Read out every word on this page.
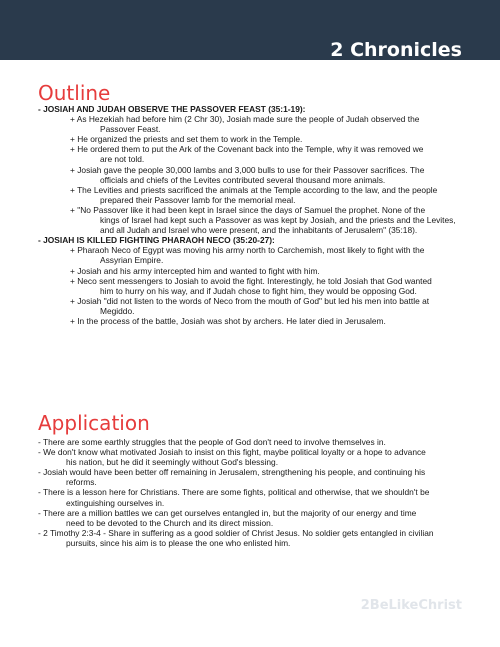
2 Chronicles
Outline

- JOSIAH AND JUDAH OBSERVE THE PASSOVER FEAST (35:1-19):

+ As Hezekiah had before him (2 Chr 30), Josiah made sure the people of Judah observed the
Passover Feast.

+ He organized the priests and set them to work in the Temple.

+ He ordered them to put the Ark of the Covenant back into the Temple, why it was removed we
are not told.

+ Josiah gave the people 30,000 lambs and 3,000 bulls to use for their Passover sacrifices. The
officials and chiefs of the Levites contributed several thousand more animals.

+ The Levities and priests sacrificed the animals at the Temple according to the law, and the people
prepared their Passover lamb for the memorial meal.

+ "No Passover like it had been kept in Israel since the days of Samuel the prophet. None of the
kings of Israel had kept such a Passover as was kept by Josiah, and the priests and the Levites, and all Judah and Israel who were present, and the inhabitants of Jerusalem" (35:18).

- JOSIAH IS KILLED FIGHTING PHARAOH NECO (35:20-27):

+ Pharaoh Neco of Egypt was moving his army north to Carchemish, most likely to fight with the
Assyrian Empire.

+ Josiah and his army intercepted him and wanted to fight with him.

+ Neco sent messengers to Josiah to avoid the fight. Interestingly, he told Josiah that God wanted
him to hurry on his way, and if Judah chose to fight him, they would be opposing God.

+ Josiah "did not listen to the words of Neco from the mouth of God" but led his men into battle at
Megiddo.

+ In the process of the battle, Josiah was shot by archers. He later died in Jerusalem.

Application

- There are some earthly struggles that the people of God don't need to involve themselves in.

- We don't know what motivated Josiah to insist on this fight, maybe political loyalty or a hope to advance
his nation, but he did it seemingly without God's blessing.

- Josiah would have been better off remaining in Jerusalem, strengthening his people, and continuing his
reforms.

- There is a lesson here for Christians. There are some fights, political and otherwise, that we shouldn't be
extinguishing ourselves in.

- There are a million battles we can get ourselves entangled in, but the majority of our energy and time
need to be devoted to the Church and its direct mission.

- 2 Timothy 2:3-4 - Share in suffering as a good soldier of Christ Jesus. No soldier gets entangled in civilian
pursuits, since his aim is to please the one who enlisted him.

2BeLikeChrist
